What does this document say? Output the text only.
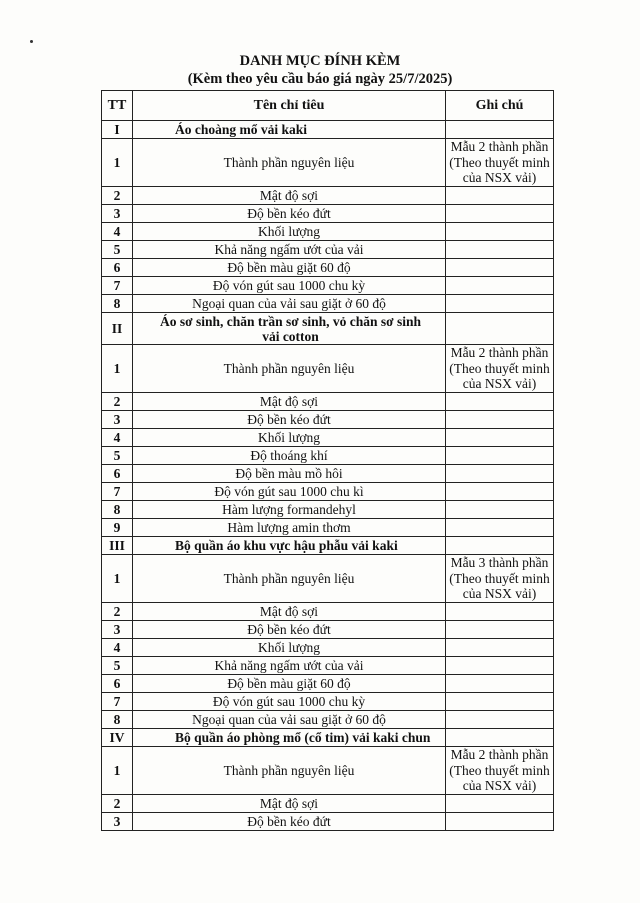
DANH MỤC ĐÍNH KÈM
(Kèm theo yêu cầu báo giá ngày 25/7/2025)
TT	Tên chỉ tiêu	Ghi chú
I	Áo choàng mổ vải kaki	
1	Thành phần nguyên liệu	Mẫu 2 thành phần
(Theo thuyết minh
của NSX vải)

2	Mật độ sợi	
3	Độ bền kéo đứt	
4	Khối lượng	
5	Khả năng ngấm ướt của vải	
6	Độ bền màu giặt 60 độ	
7	Độ vón gút sau 1000 chu kỳ	
8	Ngoại quan của vải sau giặt ở 60 độ	
II	Áo sơ sinh, chăn trần sơ sinh, vỏ chăn sơ sinh
vải cotton	

1	Thành phần nguyên liệu	Mẫu 2 thành phần
(Theo thuyết minh
của NSX vải)

2	Mật độ sợi	
3	Độ bền kéo đứt	
4	Khối lượng	
5	Độ thoáng khí	
6	Độ bền màu mồ hôi	
7	Độ vón gút sau 1000 chu kì	
8	Hàm lượng formandehyl	
9	Hàm lượng amin thơm	
III	Bộ quần áo khu vực hậu phẫu vải kaki	
1	Thành phần nguyên liệu	Mẫu 3 thành phần
(Theo thuyết minh
của NSX vải)

2	Mật độ sợi	
3	Độ bền kéo đứt	
4	Khối lượng	
5	Khả năng ngấm ướt của vải	
6	Độ bền màu giặt 60 độ	
7	Độ vón gút sau 1000 chu kỳ	
8	Ngoại quan của vải sau giặt ở 60 độ	
IV	Bộ quần áo phòng mổ (cổ tim) vải kaki chun	
1	Thành phần nguyên liệu	Mẫu 2 thành phần
(Theo thuyết minh
của NSX vải)

2	Mật độ sợi	
3	Độ bền kéo đứt	
